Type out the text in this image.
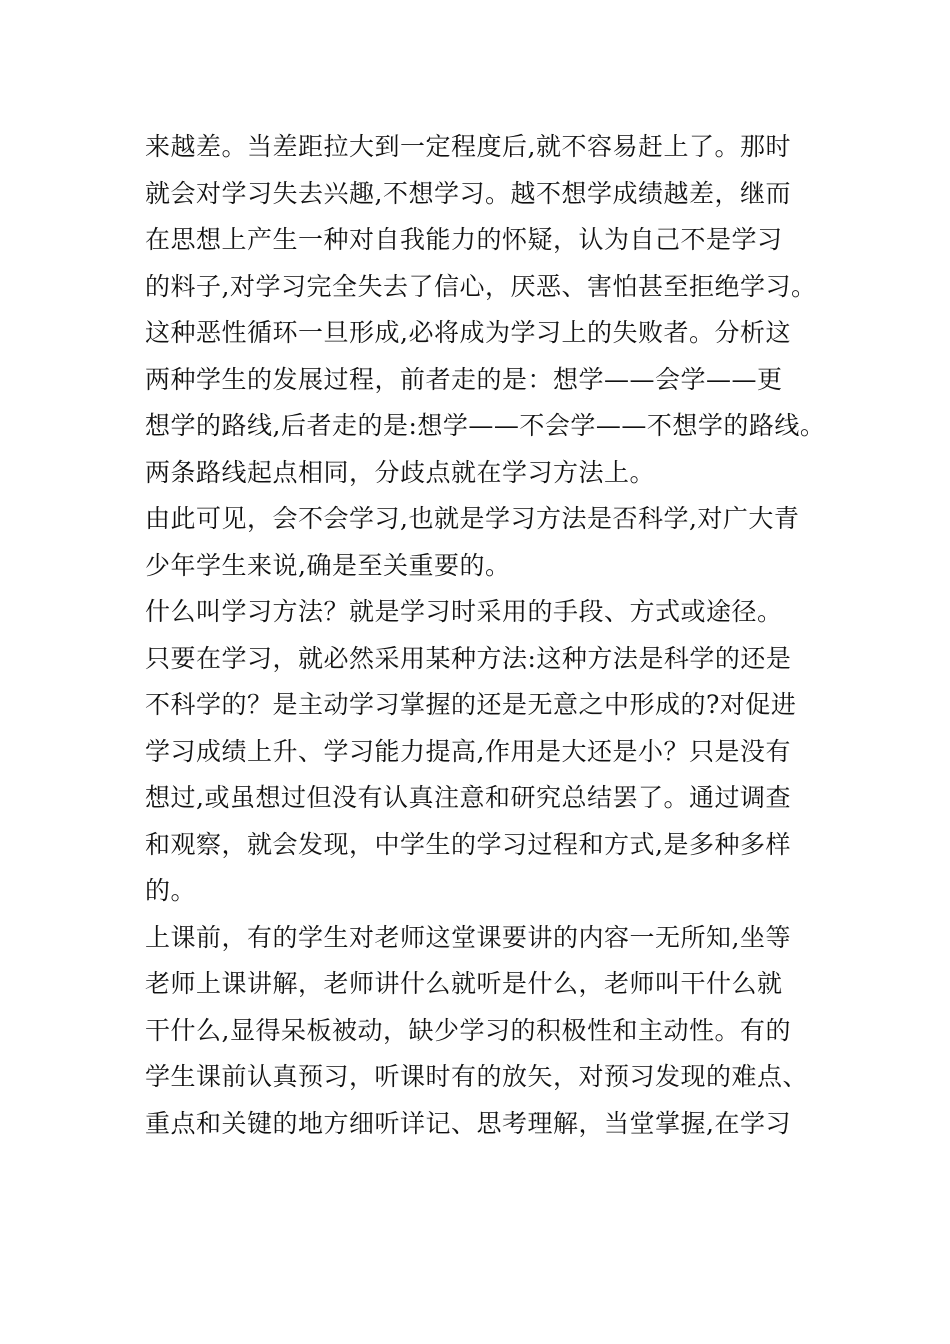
来越差。当差距拉大到一定程度后,就不容易赶上了。那时
就会对学习失去兴趣,不想学习。越不想学成绩越差，继而
在思想上产生一种对自我能力的怀疑，认为自己不是学习
的料子,对学习完全失去了信心，厌恶、害怕甚至拒绝学习。
这种恶性循环一旦形成,必将成为学习上的失败者。分析这
两种学生的发展过程，前者走的是：想学——会学——更
想学的路线,后者走的是:想学——不会学——不想学的路线。
两条路线起点相同，分歧点就在学习方法上。
由此可见，会不会学习,也就是学习方法是否科学,对广大青
少年学生来说,确是至关重要的。
什么叫学习方法？就是学习时采用的手段、方式或途径。
只要在学习，就必然采用某种方法:这种方法是科学的还是
不科学的？是主动学习掌握的还是无意之中形成的?对促进
学习成绩上升、学习能力提高,作用是大还是小？只是没有
想过,或虽想过但没有认真注意和研究总结罢了。通过调查
和观察，就会发现，中学生的学习过程和方式,是多种多样
的。
上课前，有的学生对老师这堂课要讲的内容一无所知,坐等
老师上课讲解，老师讲什么就听是什么，老师叫干什么就
干什么,显得呆板被动，缺少学习的积极性和主动性。有的
学生课前认真预习，听课时有的放矢，对预习发现的难点、
重点和关键的地方细听详记、思考理解，当堂掌握,在学习
